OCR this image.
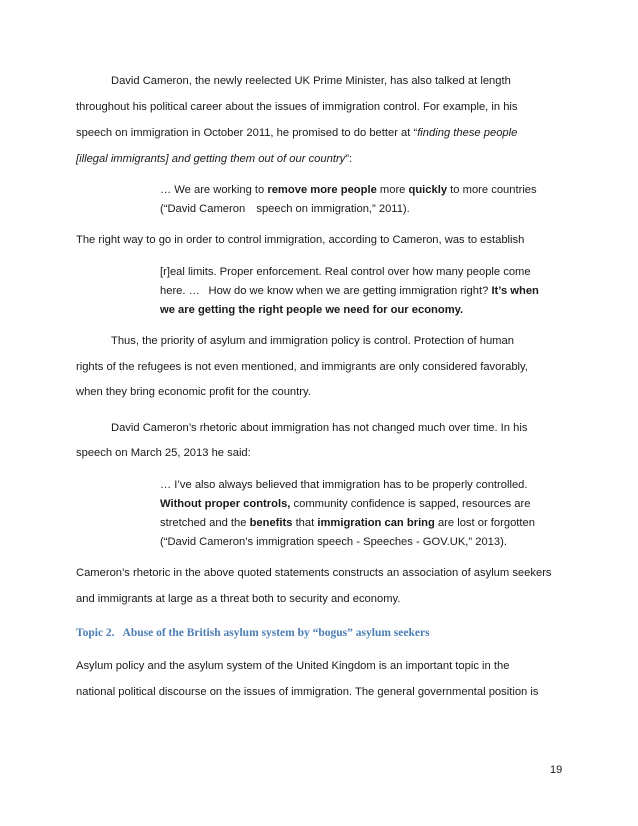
David Cameron, the newly reelected UK Prime Minister, has also talked at length
throughout his political career about the issues of immigration control. For example, in his
speech on immigration in October 2011, he promised to do better at “finding these people
[illegal immigrants] and getting them out of our country”:
… We are working to remove more people more quickly to more countries
(“David Cameron  speech on immigration,” 2011).
The right way to go in order to control immigration, according to Cameron, was to establish
[r]eal limits. Proper enforcement. Real control over how many people come
here. …  How do we know when we are getting immigration right? It’s when
we are getting the right people we need for our economy.
Thus, the priority of asylum and immigration policy is control. Protection of human
rights of the refugees is not even mentioned, and immigrants are only considered favorably,
when they bring economic profit for the country.
David Cameron’s rhetoric about immigration has not changed much over time. In his
speech on March 25, 2013 he said:
… I’ve also always believed that immigration has to be properly controlled.
Without proper controls, community confidence is sapped, resources are
stretched and the benefits that immigration can bring are lost or forgotten
(“David Cameron’s immigration speech - Speeches - GOV.UK,” 2013).
Cameron’s rhetoric in the above quoted statements constructs an association of asylum seekers
and immigrants at large as a threat both to security and economy.
Topic 2.  Abuse of the British asylum system by “bogus” asylum seekers
Asylum policy and the asylum system of the United Kingdom is an important topic in the
national political discourse on the issues of immigration. The general governmental position is
19
